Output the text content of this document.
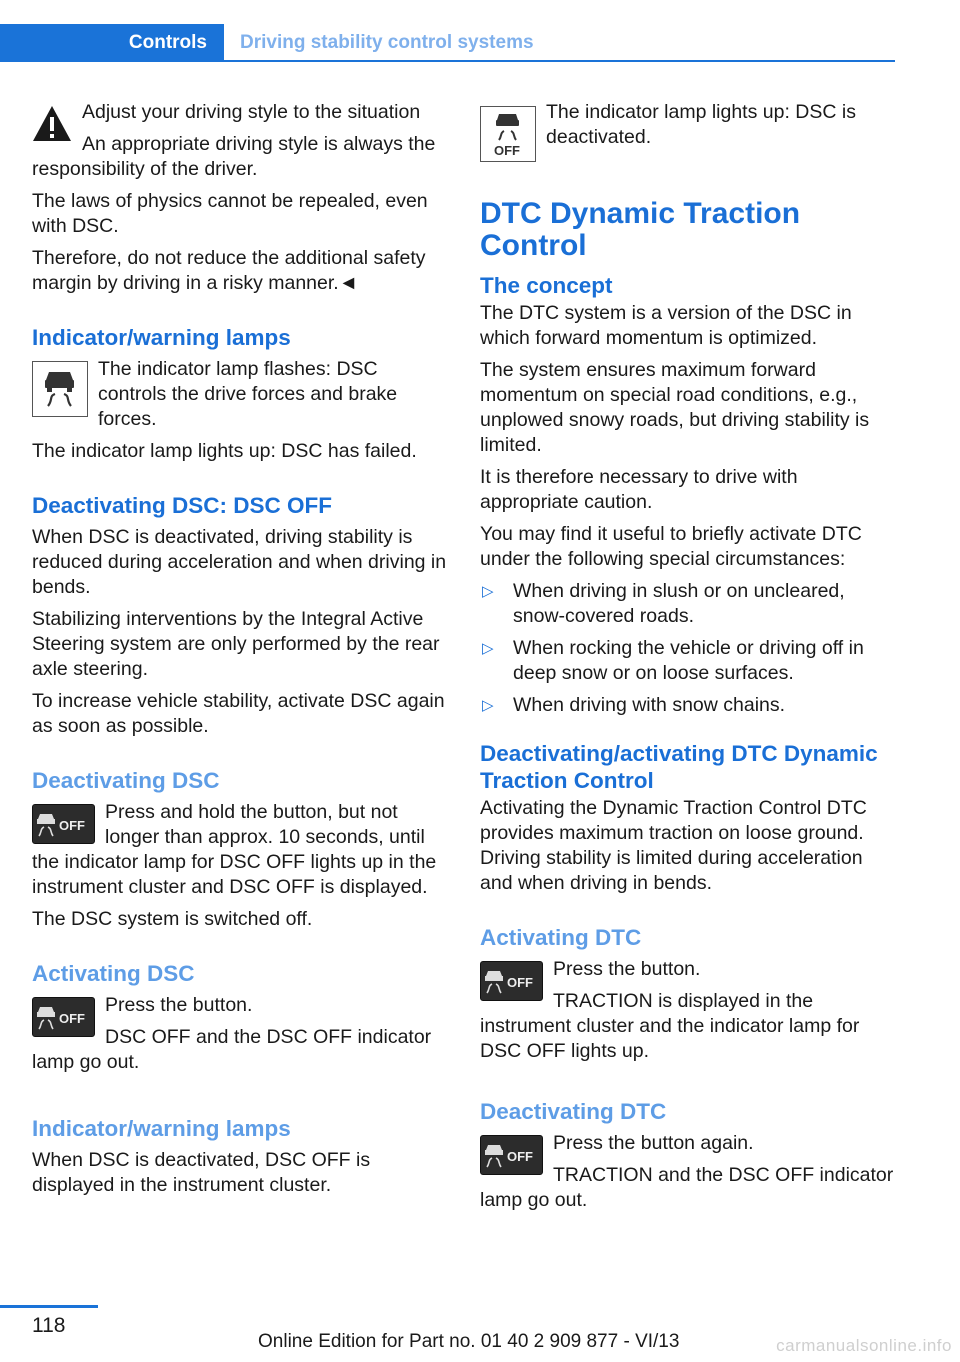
Controls	Driving stability control systems

Adjust your driving style to the situation

An appropriate driving style is always the responsibility of the driver.

The laws of physics cannot be repealed, even with DSC.

Therefore, do not reduce the additional safety margin by driving in a risky manner.◄

Indicator/warning lamps

The indicator lamp flashes: DSC controls the drive forces and brake forces.

The indicator lamp lights up: DSC has failed.

Deactivating DSC: DSC OFF

When DSC is deactivated, driving stability is reduced during acceleration and when driving in bends.

Stabilizing interventions by the Integral Active Steering system are only performed by the rear axle steering.

To increase vehicle stability, activate DSC again as soon as possible.

Deactivating DSC
OFF

Press and hold the button, but not longer than approx. 10 seconds, until the indicator lamp for DSC OFF lights up in the instrument cluster and DSC OFF is displayed.

The DSC system is switched off.

Activating DSC
OFF

Press the button.

DSC OFF and the DSC OFF indicator lamp go out.

Indicator/warning lamps

When DSC is deactivated, DSC OFF is displayed in the instrument cluster.

OFF

The indicator lamp lights up: DSC is deactivated.

DTC Dynamic Traction Control
The concept

The DTC system is a version of the DSC in which forward momentum is optimized.

The system ensures maximum forward momentum on special road conditions, e.g., unplowed snowy roads, but driving stability is limited.

It is therefore necessary to drive with appropriate caution.

You may find it useful to briefly activate DTC under the following special circumstances:

▷ When driving in slush or on uncleared, snow-covered roads.
▷ When rocking the vehicle or driving off in deep snow or on loose surfaces.
▷ When driving with snow chains.
Deactivating/activating DTC Dynamic Traction Control

Activating the Dynamic Traction Control DTC provides maximum traction on loose ground. Driving stability is limited during acceleration and when driving in bends.

Activating DTC
OFF

Press the button.

TRACTION is displayed in the instrument cluster and the indicator lamp for DSC OFF lights up.

Deactivating DTC
OFF

Press the button again.

TRACTION and the DSC OFF indicator lamp go out.

118
Online Edition for Part no. 01 40 2 909 877 - VI/13	carmanualsonline.info
